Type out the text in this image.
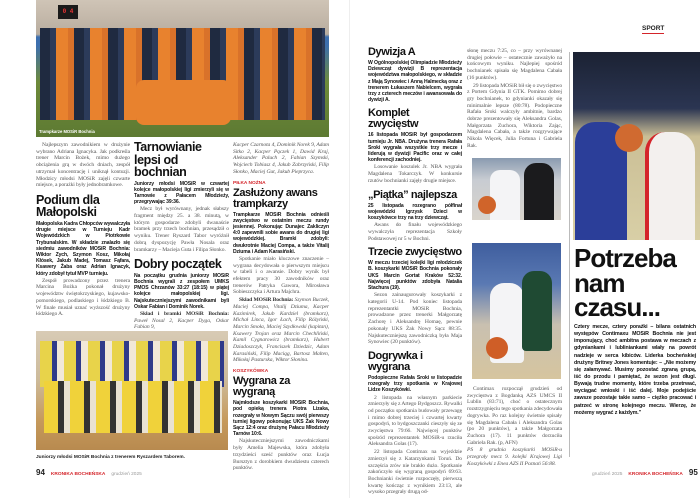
0 4
Trampkarze MOSiR Bochnia

Najlepszym zawodnikiem w drużynie wybrano Adriana Ignacyka. Jak podkreśla trener Marcin Bożek, mimo dużego obciążenia grą w dwóch dniach, zespół utrzymał koncentrację i uniknął kontuzji. Młodzicy młodsi MOSiR zajęli czwarte miejsce, a porażki były jednobramkowe.

Podium dla Małopolski

Małopolska Kadra Chłopców wywalczyła drugie miejsce w Turnieju Kadr Wojewódzkich w Piotrkowie Trybunalskim. W składzie znalazło się siedmiu zawodników MOSiR Bochnia: Wiktor Zych, Szymon Kosz, Mikołaj Kłósek, Jakub Madej, Tomasz Fąfara, Ksawery Żaba oraz Adrian Ignacyk, który zdobył tytuł MVP turnieju.

Zespół prowadzony przez trenera Marcina Bożka pokonał drużyny województw świętokrzyskiego, kujawsko-pomorskiego, podlaskiego i łódzkiego B. W finale musiał uznać wyższość drużyny łódzkiego A.

Tarnowianie lepsi od bochnian

Juniorzy młodsi MOSiR w czwartej kolejce małopolskiej ligi zmierzyli się w Tarnowie z Pałacem Młodzieży, przegrywając 39:36.

Mecz był wyrównany, jednak słabszy fragment między 25. a 38. minutą, w którym gospodarze zdobyli dwanaście bramek przy trzech bochnian, przesądził o wyniku. Trener Ryszard Tabor wyróżnił dobrą dyspozycję Pawła Nosala oraz bramkarzy – Macieja Guta i Filipa Słonko.

Dobry początek

Na początku grudnia juniorzy MOSiR Bochnia wygrali z zespołem UMKS PMOS Chrzanów 33:27 (18:15) w piątej kolejce małopolskiej ligi. Najskuteczniejszymi zawodnikami byli Oskar Fabian i Dominik Norek.

Skład i bramki MOSiR Bochnia: Paweł Nosal 2, Kacper Dyga, Oskar Fabian 9,

Kacper Czarnota 4, Dominik Norek 9, Adam Sitko 2, Kacper Pączek 1, Dawid Kraj, Aleksander Paluch 2, Fabian Szymski, Wojciech Tobiasz 4, Jakub Zabrzyński, Filip Słonko, Maciej Gut, Jakub Pieprzyca.

PIŁKA NOŻNA
Zasłużony awans trampkarzy

Trampkarze MOSiR Bochnia odnieśli zwycięstwo w ostatnim meczu rundy jesiennej. Pokonując Dunajec Zakliczyn 4:0 zapewnili sobie awans do drugiej ligi wojewódzkiej. Bramki zdobyli: dwukrotnie Maciej Compa, a także Vitalij Dziuma i Adam Karasiński.

Spotkanie miało kluczowe znaczenie – wygrana decydowała o pierwszym miejscu w tabeli i o awansie. Dobry wynik był efektem pracy 30 zawodników oraz trenerów Patryka Gawora, Mirosława Sobieszczyka i Artura Majchra.

Skład MOSiR Bochnia: Szymon Buczek, Maciej Compa, Vitalij Dziuma, Kacper Kazimirek, Jakub Kardziel (bramkarz), Michał Linca, Igor Łach, Filip Różyński, Marcin Smoła, Maciej Szydłowski (kapitan), Ksawery Trojan oraz Marcin Chechliński, Kamil Cygnarowicz (bramkarz), Hubert Dziadoszczyk, Franciszek Dziedzic, Adam Karasiński, Filip Maciąg, Bartosz Malten, Mikołaj Pasturska, Wiktor Słonina.

KOSZYKÓWKA
Wygrana za wygraną

Najmłodsze koszykarki MOSiR Bochnia, pod opieką trenera Piotra Lizaka, rozegrały w Nowym Sączu swój pierwszy turniej ligowy pokonując UKS Żak Nowy Sącz 12:4 oraz drużynę Pałacu Młodzieży Tarnów 10:6.

Najskuteczniejszymi zawodniczkami były Amelia Majewska, która zdobyła trzydzieści sześć punktów oraz Łucja Bursztyn z dorobkiem dwudziestu czterech punktów.

Juniorzy młodsi MOSiR Bochnia z trenerem Ryszardem Taborem.
94 KRONIKA BOCHEŃSKA grudzień 2025
SPORT
Dywizja A

W Ogólnopolskiej Olimpiadzie Młodzieży Dziewcząt dywizji B reprezentacja województwa małopolskiego, w składzie z Mają Synowiec i Anną Halmecką oraz z trenerem Łukaszem Nabielcem, wygrała trzy z czterech meczów i awansowała do dywizji A.

Komplet zwycięstw

16 listopada MOSiR był gospodarzem turnieju Jr. NBA. Drużyna trenera Rafała Sroki wygrała wszystkie trzy mecze i liderują w dywizji Pacific oraz w całej konferencji zachodniej.

Losowanie koszulek Jr. NBA wygrała Magdalena Tokarczyk. W konkursie rzutów bochnianki zajęły drugie miejsce.

„Piątka” najlepsza

25 listopada rozegrano półfinał wojewódzki Igrzysk Dzieci w koszykówce trzy na trzy dziewcząt.

Awans do finału wojewódzkiego wywalczyła reprezentacja Szkoły Podstawowej nr 5 w Bochni.

Trzecie zwycięstwo

W meczu trzeciej kolejki ligi młodziczek B. koszykarki MOSiR Bochnia pokonały UKS Marcin Gortat Kraków 52:32. Najwięcej punktów zdobyła Natalia Stachura (19).

Sezon zainaugurowały koszykarki z kategorii U-14. Pod koniec listopada reprezentantki MOSiR Bochnia, prowadzone przez trenerki Małgorzatę Zachorę i Aleksandrę Homaę, pewnie pokonały UKS Żak Nowy Sącz 88:35. Najskuteczniejszą zawodniczką była Maja Synowiec (20 punktów).

Dogrywka i wygrana

Podopieczne Rafała Sroki w listopadzie rozegrały trzy spotkania w Krajowej Lidze Koszykówki.

2 listopada na własnym parkiecie zmierzyły się z Artego Bydgoszcz. Rywalki od początku spotkania budowały przewagę i mimo dobrej trzeciej i czwartej kwarty gospodyń, to bydgoszczanki cieszyły się ze zwycięstwa 79:66. Najwięcej punktów spośród reprezentantek MOSiR-u rzuciła Aleksandra Golas (17).

22 listopada Contimax na wyjeździe zmierzył się z Katarzynkami Toruń. Do szczęścia zrów nie brakło dużo. Spotkanie zakończyło się wygraną gospodyń 69:63. Bochnianki świetnie rozpoczęły, pierwszą kwartę kończąc z wynikiem 23:13, ale wysoko przegrały drugą od-

słonę meczu 7:25, co – przy wyrównanej drugiej połowie – ostatecznie zaważyło na końcowym wyniku. Najlepiej spośród bochnianek spisała się Magdalena Cabała (16 punktów).

29 listopada MOSiR bił się o zwycięstwo z Portem Gdynia II GTK. Pomimo dobrej gry bochnianek, to gdynianki okazały się minimalnie lepsze (80:78). Podopieczne Rafała Sroki walczyły ambitnie, bardzo dobrze prezentowały się Aleksandra Golas, Małgorzata Zuchora, Wiktoria Zając, Magdalena Cabała, a także rozgrywające Nikola Więcek, Julia Fortuna i Gabriela Rak.

Contimax rozpoczął grudzień od zwycięstwa z Bogdanką AZS UMCS II Lublin (83:71), choć o ostatecznym rozstrzygnięciu tego spotkania zdecydowała dogrywka. Po raz kolejny świetnie spisały się Magdalena Cabała i Aleksandra Golas (po 20 punktów), a także Małgorzata Zuchora (17). 11 punktów dorzuciła Gabriela Rak. (p, AFN)

PS 8 grudnia koszykarki MOSiR-u przegrały mecz 9. kolejki Krajowej Ligi Koszykówki z Enea AZS II Poznań 56:88.

Potrzeba nam czasu...

Cztery mecze, cztery porażki – bilans ostatnich występów Contimaxu MOSiR Bochnia nie jest imponujący, choć ambitna postawa w meczach z gdyniankami i lubliniankami wlały na powrót nadzieje w serca kibiców. Liderka bocheńskiej drużyny Britney Jones komentuje: – „Nie możemy się załamywać. Musimy pozostać zgraną grupą, iść do przodu i pamiętać, że sezon jest długi. Bywają trudne momenty, które trzeba przetrwać, wyciągać wnioski i iść dalej. Moje podejście zawsze pozostaje takie samo – ciężko pracować i patrzeć w stronę kolejnego meczu. Wierzę, że możemy wygrać z każdym.”

grudzień 2025 KRONIKA BOCHEŃSKA 95
